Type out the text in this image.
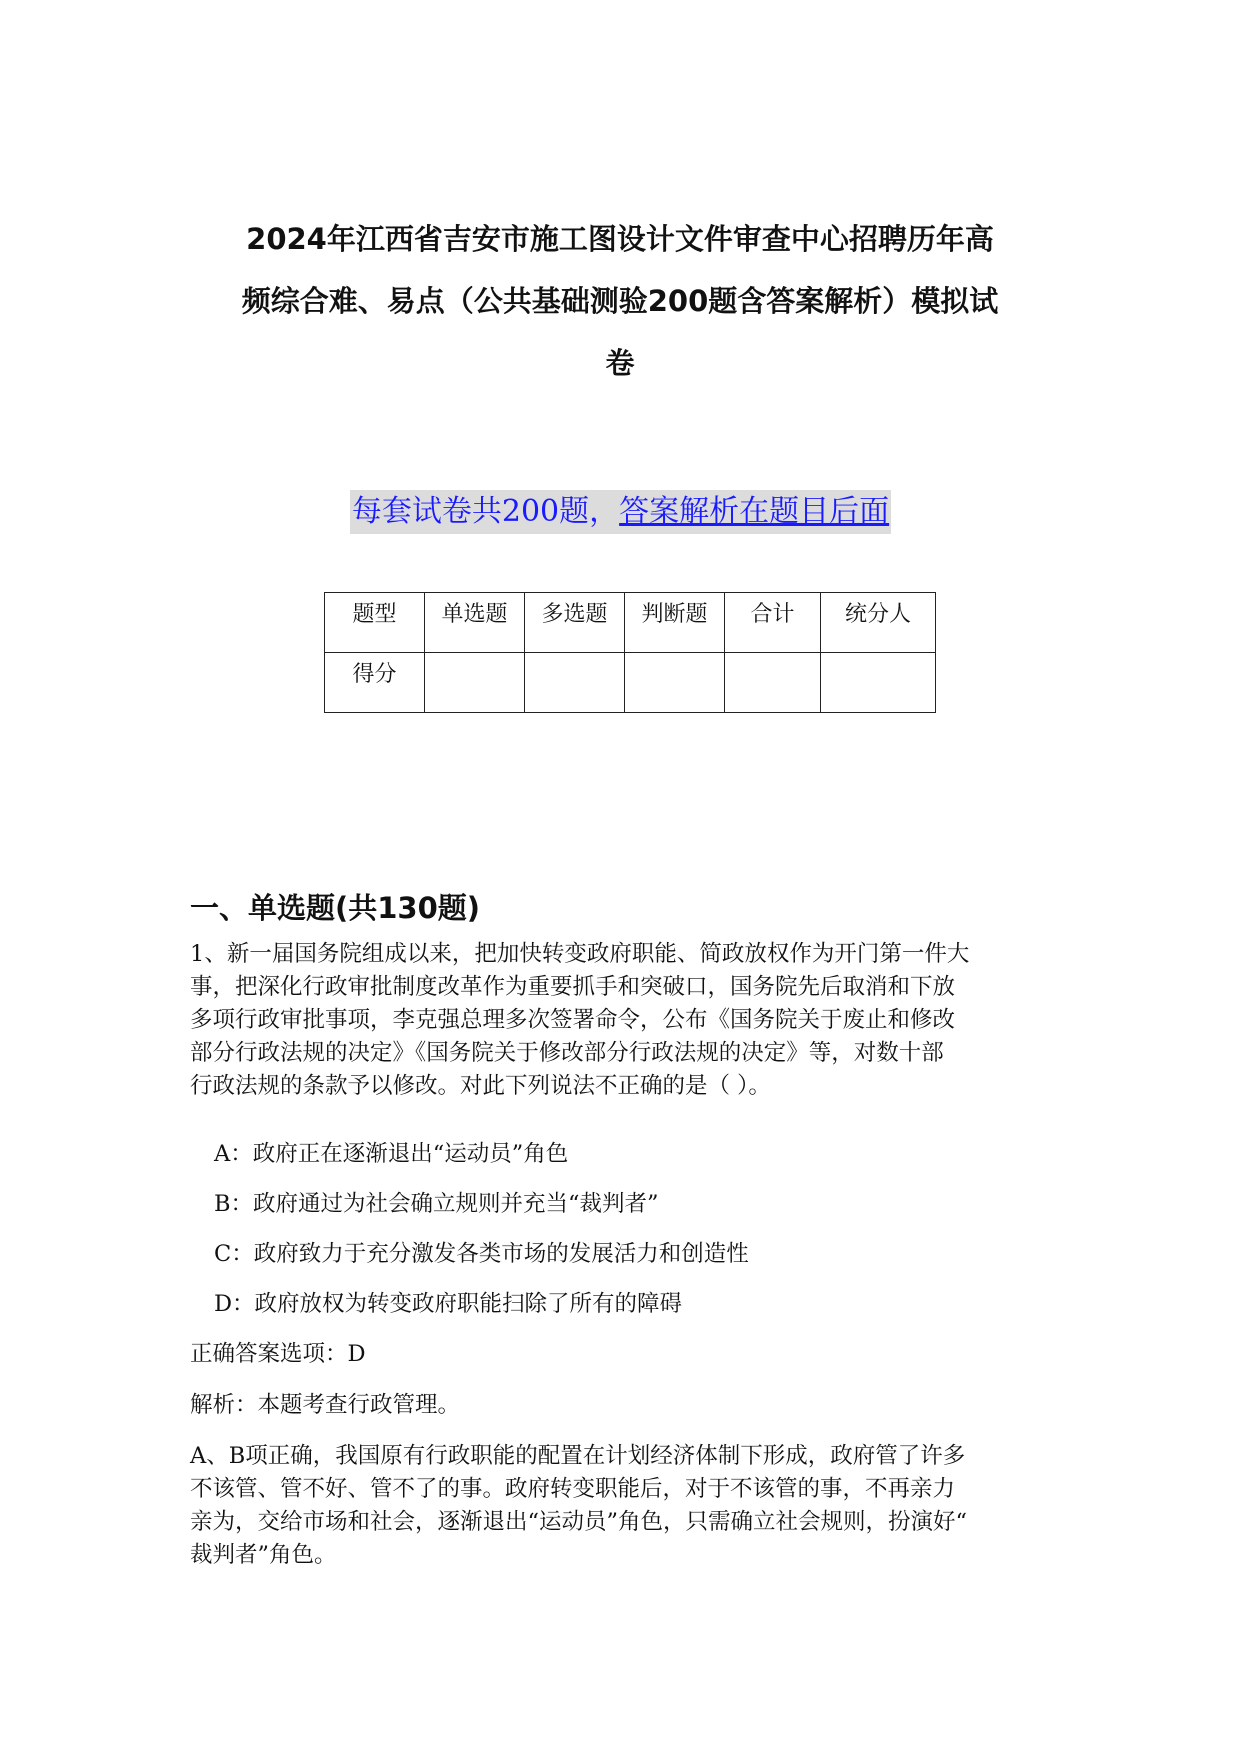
2024年江西省吉安市施工图设计文件审查中心招聘历年高
频综合难、易点（公共基础测验200题含答案解析）模拟试
卷
每套试卷共200题，答案解析在题目后面
题型	单选题	多选题	判断题	合计	统分人
得分					
一、单选题(共130题)
1、新一届国务院组成以来，把加快转变政府职能、简政放权作为开门第一件大
事，把深化行政审批制度改革作为重要抓手和突破口，国务院先后取消和下放
多项行政审批事项，李克强总理多次签署命令，公布《国务院关于废止和修改
部分行政法规的决定》《国务院关于修改部分行政法规的决定》等，对数十部
行政法规的条款予以修改。对此下列说法不正确的是（ ）。
A：政府正在逐渐退出“运动员”角色
B：政府通过为社会确立规则并充当“裁判者”
C：政府致力于充分激发各类市场的发展活力和创造性
D：政府放权为转变政府职能扫除了所有的障碍
正确答案选项：D
解析：本题考查行政管理。
A、B项正确，我国原有行政职能的配置在计划经济体制下形成，政府管了许多
不该管、管不好、管不了的事。政府转变职能后，对于不该管的事，不再亲力
亲为，交给市场和社会，逐渐退出“运动员”角色，只需确立社会规则，扮演好“
裁判者”角色。
